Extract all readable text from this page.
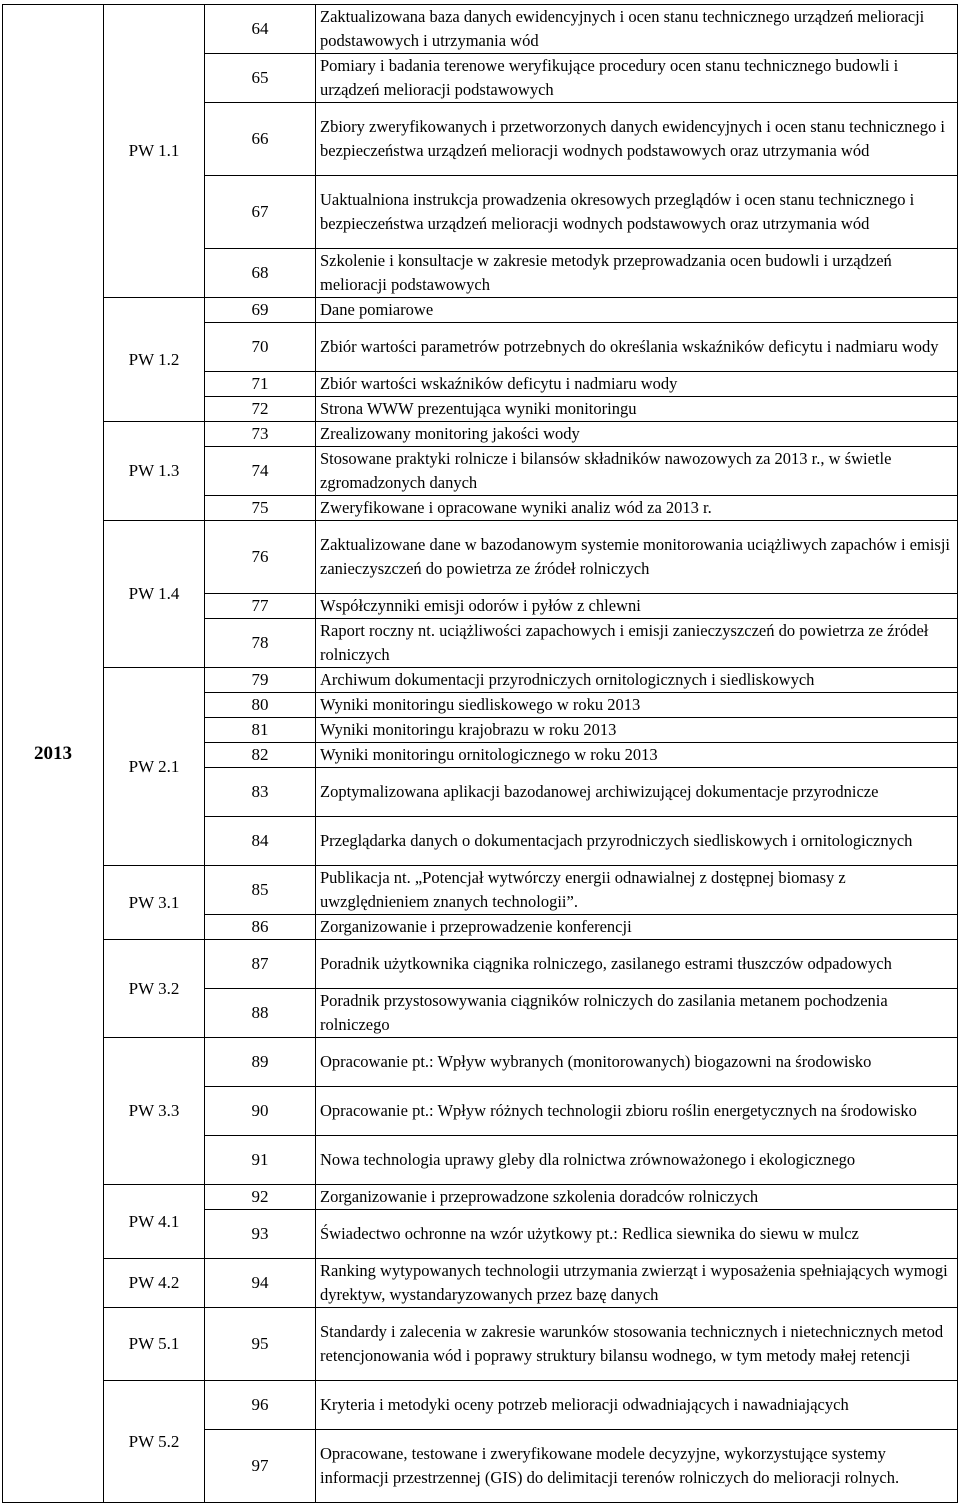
2013	PW 1.1	64	Zaktualizowana baza danych ewidencyjnych i ocen stanu technicznego urządzeń melioracji podstawowych i utrzymania wód
		65	Pomiary i badania terenowe weryfikujące procedury ocen stanu technicznego budowli i urządzeń melioracji podstawowych
		66	Zbiory zweryfikowanych i przetworzonych danych ewidencyjnych i ocen stanu technicznego i bezpieczeństwa urządzeń melioracji wodnych podstawowych oraz utrzymania wód
		67	Uaktualniona instrukcja prowadzenia okresowych przeglądów i ocen stanu technicznego i bezpieczeństwa urządzeń melioracji wodnych podstawowych oraz utrzymania wód
		68	Szkolenie i konsultacje w zakresie metodyk przeprowadzania ocen budowli i urządzeń melioracji podstawowych
	PW 1.2	69	Dane pomiarowe
		70	Zbiór wartości parametrów potrzebnych do określania wskaźników deficytu i nadmiaru wody
		71	Zbiór wartości wskaźników deficytu i nadmiaru wody
		72	Strona WWW prezentująca wyniki monitoringu
	PW 1.3	73	Zrealizowany monitoring jakości wody
		74	Stosowane praktyki rolnicze i bilansów składników nawozowych za 2013 r., w świetle zgromadzonych danych
		75	Zweryfikowane i opracowane wyniki analiz wód za 2013 r.
	PW 1.4	76	Zaktualizowane dane w bazodanowym systemie monitorowania uciążliwych zapachów i emisji zanieczyszczeń do powietrza ze źródeł rolniczych
		77	Współczynniki emisji odorów i pyłów z chlewni
		78	Raport roczny nt. uciążliwości zapachowych i emisji zanieczyszczeń do powietrza ze źródeł rolniczych
	PW 2.1	79	Archiwum dokumentacji przyrodniczych ornitologicznych i siedliskowych
		80	Wyniki monitoringu siedliskowego w roku 2013
		81	Wyniki monitoringu krajobrazu w roku 2013
		82	Wyniki monitoringu ornitologicznego w roku 2013
		83	Zoptymalizowana aplikacji bazodanowej archiwizującej dokumentacje przyrodnicze
		84	Przeglądarka danych o dokumentacjach przyrodniczych siedliskowych i ornitologicznych
	PW 3.1	85	Publikacja nt. „Potencjał wytwórczy energii odnawialnej z dostępnej biomasy z uwzględnieniem znanych technologii”.
		86	Zorganizowanie i przeprowadzenie konferencji
	PW 3.2	87	Poradnik użytkownika ciągnika rolniczego, zasilanego estrami tłuszczów odpadowych
		88	Poradnik przystosowywania ciągników rolniczych do zasilania metanem pochodzenia rolniczego
	PW 3.3	89	Opracowanie pt.: Wpływ wybranych (monitorowanych) biogazowni na środowisko
		90	Opracowanie pt.: Wpływ różnych technologii zbioru roślin energetycznych na środowisko
		91	Nowa technologia uprawy gleby dla rolnictwa zrównoważonego i ekologicznego
	PW 4.1	92	Zorganizowanie i przeprowadzone szkolenia doradców rolniczych
		93	Świadectwo ochronne na wzór użytkowy pt.: Redlica siewnika do siewu w mulcz
	PW 4.2	94	Ranking wytypowanych technologii utrzymania zwierząt i wyposażenia spełniających wymogi dyrektyw, wystandaryzowanych przez bazę danych
	PW 5.1	95	Standardy i zalecenia w zakresie warunków stosowania technicznych i nietechnicznych metod retencjonowania wód i poprawy struktury bilansu wodnego, w tym metody małej retencji
	PW 5.2	96	Kryteria i metodyki oceny potrzeb melioracji odwadniających i nawadniających
		97	Opracowane, testowane i zweryfikowane modele decyzyjne, wykorzystujące systemy informacji przestrzennej (GIS) do delimitacji terenów rolniczych do melioracji rolnych.
